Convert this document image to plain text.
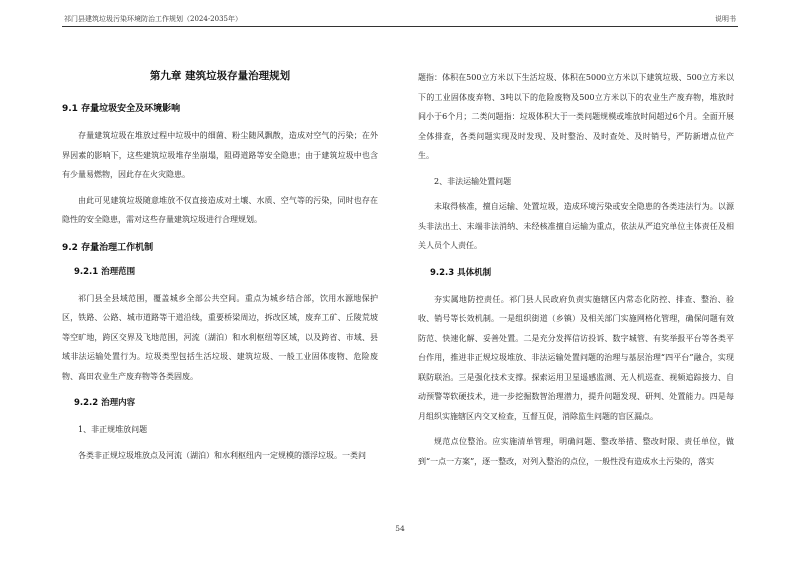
祁门县建筑垃圾污染环境防治工作规划（2024-2035年）	说明书
第九章 建筑垃圾存量治理规划
9.1 存量垃圾安全及环境影响

存量建筑垃圾在堆放过程中垃圾中的细菌、粉尘随风飘散，造成对空气的污染；在外界因素的影响下，这些建筑垃圾堆存坐崩塌，阻碍道路等安全隐患；由于建筑垃圾中也含有少量易燃物，因此存在火灾隐患。

由此可见建筑垃圾随意堆放不仅直接造成对土壤、水质、空气等的污染，同时也存在隐性的安全隐患，需对这些存量建筑垃圾进行合理规划。

9.2 存量治理工作机制
9.2.1 治理范围

祁门县全县域范围，覆盖城乡全部公共空间。重点为城乡结合部，饮用水源地保护区，铁路、公路、城市道路等干道沿线，重要桥梁周边，拆改区域，废弃工矿、丘陵荒坡等空旷地，跨区交界及飞地范围，河流（湖泊）和水利枢纽等区域，以及跨省、市域、县域非法运输处置行为。垃圾类型包括生活垃圾、建筑垃圾、一般工业固体废物、危险废物、高田农业生产废弃物等各类固废。

9.2.2 治理内容

1、非正规堆放问题

各类非正规垃圾堆放点及河流（湖泊）和水利枢纽内一定规模的漂浮垃圾。一类问

题指：体积在500立方米以下生活垃圾、体积在5000立方米以下建筑垃圾、500立方米以下的工业固体废弃物、3吨以下的危险废物及500立方米以下的农业生产废弃物，堆放时间小于6个月；二类问题指：垃圾体积大于一类问题规模或堆放时间超过6个月。全面开展全体排查，各类问题实现及时发现、及时整治、及时查处、及时销号，严防新增点位产生。

2、非法运输处置问题

未取得核准，擅自运输、处置垃圾，造成环境污染或安全隐患的各类违法行为。以源头非法出土、末端非法消纳、未经核准擅自运输为重点，依法从严追究单位主体责任及相关人员个人责任。

9.2.3 具体机制

夯实属地防控责任。祁门县人民政府负责实施辖区内常态化防控、排查、整治、验收、销号等长效机制。一是组织街道（乡镇）及相关部门实施网格化管理，确保问题有效防范、快速化解、妥善处置。二是充分发挥信访投诉、数字城管、有奖举报平台等各类平台作用，推进非正规垃圾堆放、非法运输处置问题的治理与基层治理“四平台”融合，实现联防联治。三是强化技术支撑。探索运用卫星遥感监测、无人机巡查、视频追踪接力、自动预警等软硬技术，进一步挖掘数智治理潜力，提升问题发现、研判、处置能力。四是每月组织实施辖区内交叉检查，互督互促，消除监生问题的盲区漏点。

规范点位整治。应实施清单管理，明确问题、整改举措、整改时限、责任单位，做到“一点一方案”，逐一整改，对列入整治的点位，一般性没有造成水土污染的，落实

54
